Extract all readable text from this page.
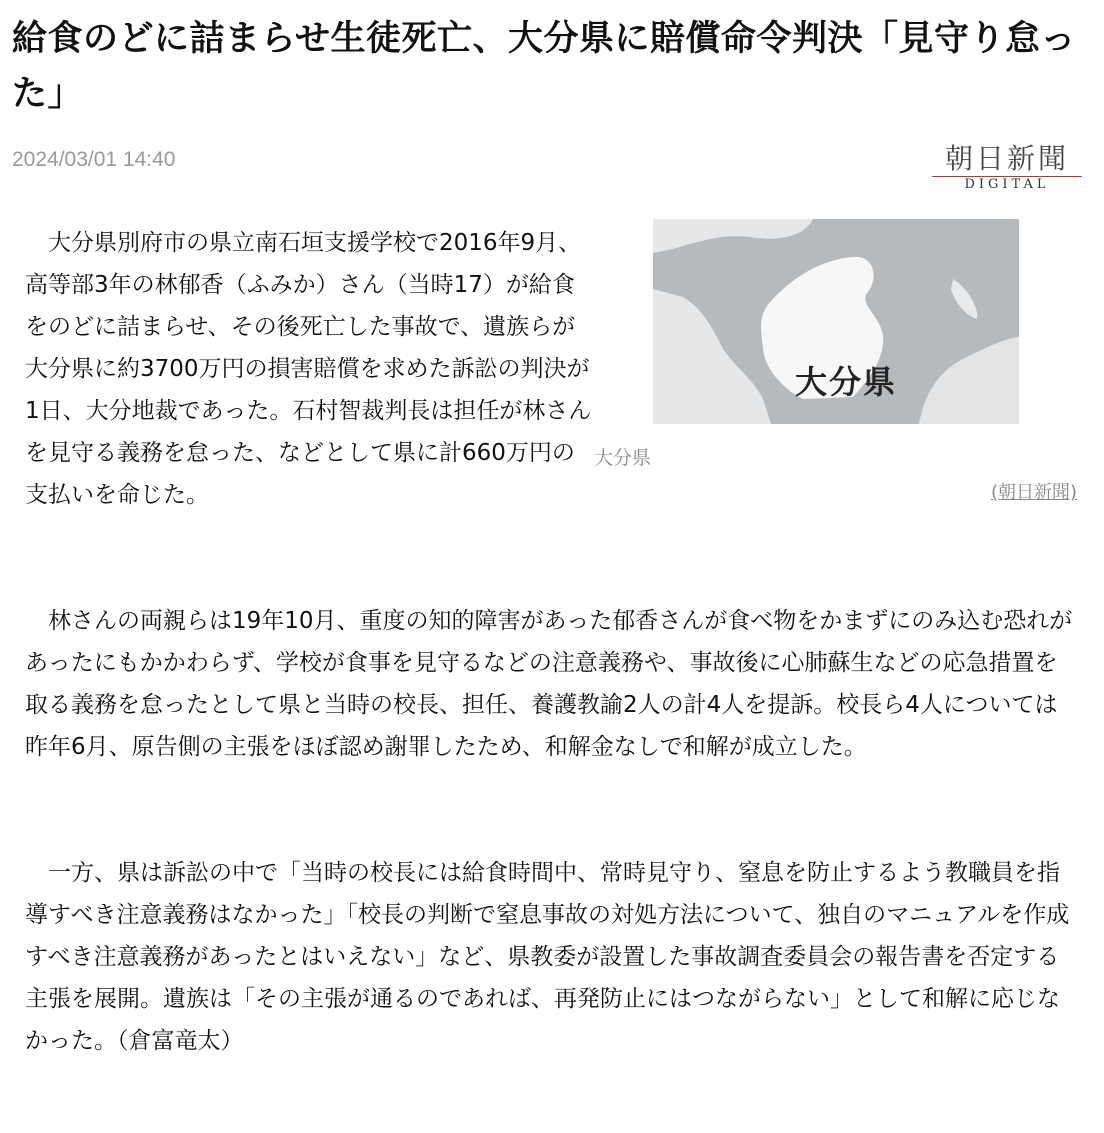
給食のどに詰まらせ生徒死亡、大分県に賠償命令判決「見守り怠った」
2024/03/01 14:40	朝日新聞
DIGITAL

　大分県別府市の県立南石垣支援学校で2016年9月、高等部3年の林郁香（ふみか）さん（当時17）が給食をのどに詰まらせ、その後死亡した事故で、遺族らが大分県に約3700万円の損害賠償を求めた訴訟の判決が1日、大分地裁であった。石村智裁判長は担任が林さんを見守る義務を怠った、などとして県に計660万円の支払いを命じた。

大分県
大分県
(朝日新聞)

　林さんの両親らは19年10月、重度の知的障害があった郁香さんが食べ物をかまずにのみ込む恐れがあったにもかかわらず、学校が食事を見守るなどの注意義務や、事故後に心肺蘇生などの応急措置を取る義務を怠ったとして県と当時の校長、担任、養護教諭2人の計4人を提訴。校長ら4人については昨年6月、原告側の主張をほぼ認め謝罪したため、和解金なしで和解が成立した。

　一方、県は訴訟の中で「当時の校長には給食時間中、常時見守り、窒息を防止するよう教職員を指導すべき注意義務はなかった」「校長の判断で窒息事故の対処方法について、独自のマニュアルを作成すべき注意義務があったとはいえない」など、県教委が設置した事故調査委員会の報告書を否定する主張を展開。遺族は「その主張が通るのであれば、再発防止にはつながらない」として和解に応じなかった。（倉富竜太）
